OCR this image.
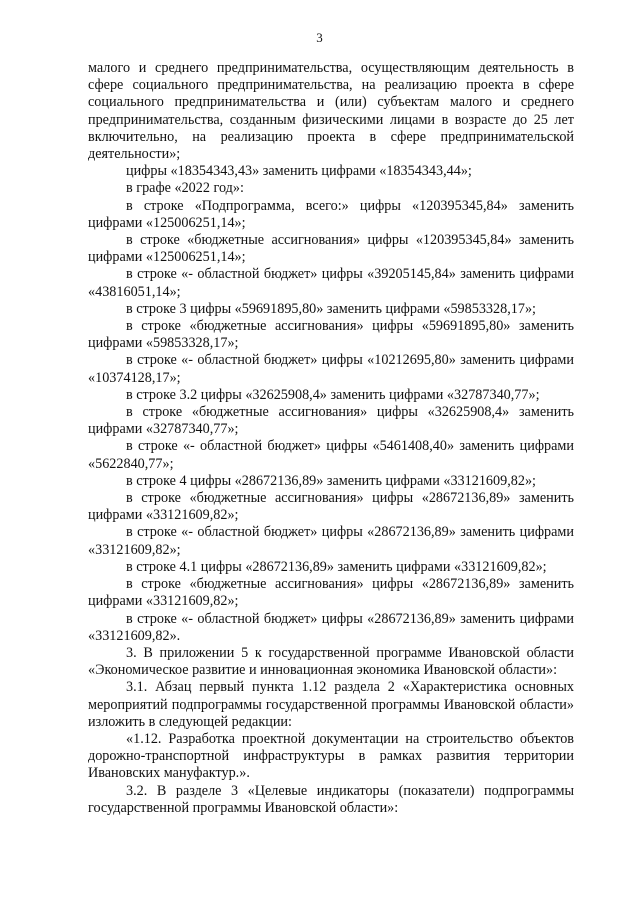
3

малого и среднего предпринимательства, осуществляющим деятельность в сфере социального предпринимательства, на реализацию проекта в сфере социального предпринимательства и (или) субъектам малого и среднего предпринимательства, созданным физическими лицами в возрасте до 25 лет включительно, на реализацию проекта в сфере предпринимательской деятельности»;

цифры «18354343,43» заменить цифрами «18354343,44»;

в графе «2022 год»:

в строке «Подпрограмма, всего:» цифры «120395345,84» заменить цифрами «125006251,14»;

в строке «бюджетные ассигнования» цифры «120395345,84» заменить цифрами «125006251,14»;

в строке «- областной бюджет» цифры «39205145,84» заменить цифрами «43816051,14»;

в строке 3 цифры «59691895,80» заменить цифрами «59853328,17»;

в строке «бюджетные ассигнования» цифры «59691895,80» заменить цифрами «59853328,17»;

в строке «- областной бюджет» цифры «10212695,80» заменить цифрами «10374128,17»;

в строке 3.2 цифры «32625908,4» заменить цифрами «32787340,77»;

в строке «бюджетные ассигнования» цифры «32625908,4» заменить цифрами «32787340,77»;

в строке «- областной бюджет» цифры «5461408,40» заменить цифрами «5622840,77»;

в строке 4 цифры «28672136,89» заменить цифрами «33121609,82»;

в строке «бюджетные ассигнования» цифры «28672136,89» заменить цифрами «33121609,82»;

в строке «- областной бюджет» цифры «28672136,89» заменить цифрами «33121609,82»;

в строке 4.1 цифры «28672136,89» заменить цифрами «33121609,82»;

в строке «бюджетные ассигнования» цифры «28672136,89» заменить цифрами «33121609,82»;

в строке «- областной бюджет» цифры «28672136,89» заменить цифрами «33121609,82».

3. В приложении 5 к государственной программе Ивановской области «Экономическое развитие и инновационная экономика Ивановской области»:

3.1. Абзац первый пункта 1.12 раздела 2 «Характеристика основных мероприятий подпрограммы государственной программы Ивановской области» изложить в следующей редакции:

«1.12. Разработка проектной документации на строительство объектов дорожно-транспортной инфраструктуры в рамках развития территории Ивановских мануфактур.».

3.2. В разделе 3 «Целевые индикаторы (показатели) подпрограммы государственной программы Ивановской области»:
